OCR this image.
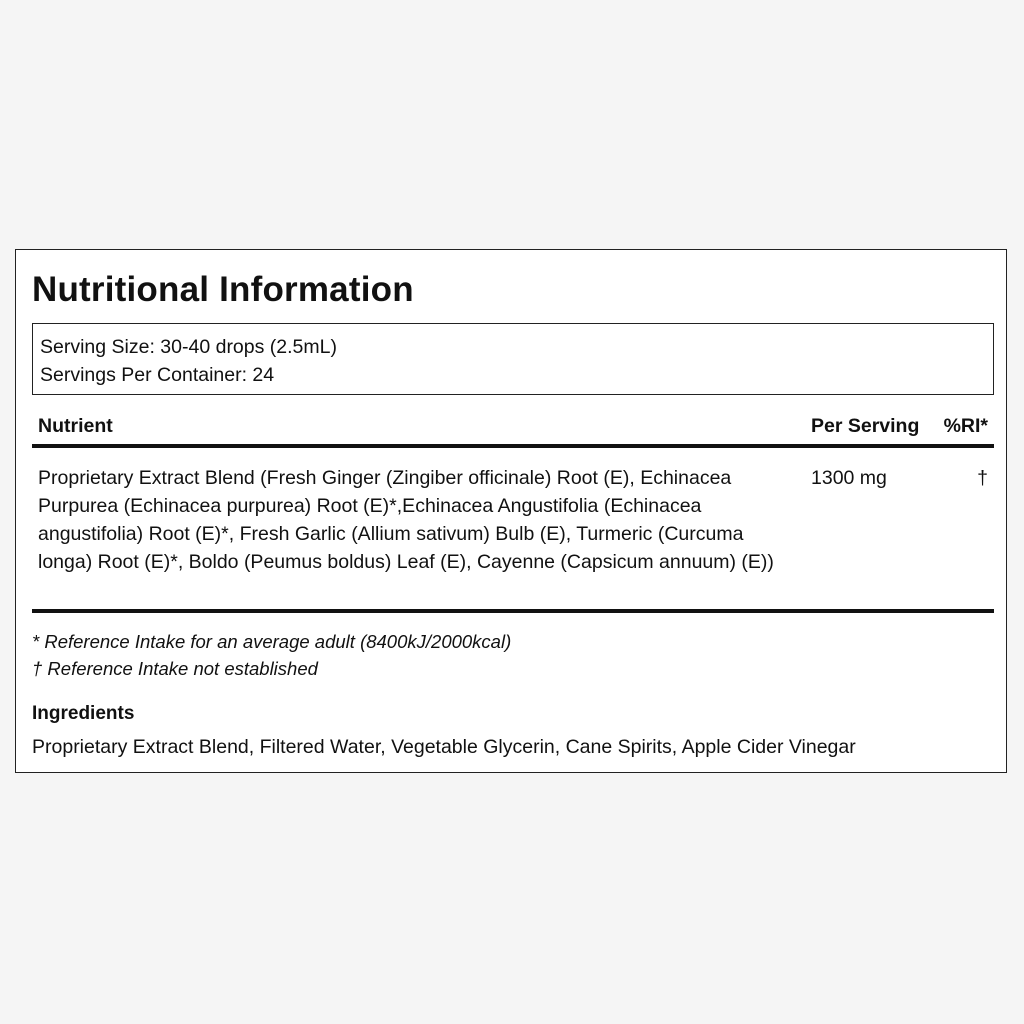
Nutritional Information
Serving Size: 30-40 drops (2.5mL)
Servings Per Container: 24
Nutrient	Per Serving %RI*
Proprietary Extract Blend (Fresh Ginger (Zingiber officinale) Root (E), Echinacea Purpurea (Echinacea purpurea) Root (E)*,Echinacea Angustifolia (Echinacea angustifolia) Root (E)*, Fresh Garlic (Allium sativum) Bulb (E), Turmeric (Curcuma longa) Root (E)*, Boldo (Peumus boldus) Leaf (E), Cayenne (Capsicum annuum) (E))
1300 mg	†
* Reference Intake for an average adult (8400kJ/2000kcal)
† Reference Intake not established
Ingredients
Proprietary Extract Blend, Filtered Water, Vegetable Glycerin, Cane Spirits, Apple Cider Vinegar
